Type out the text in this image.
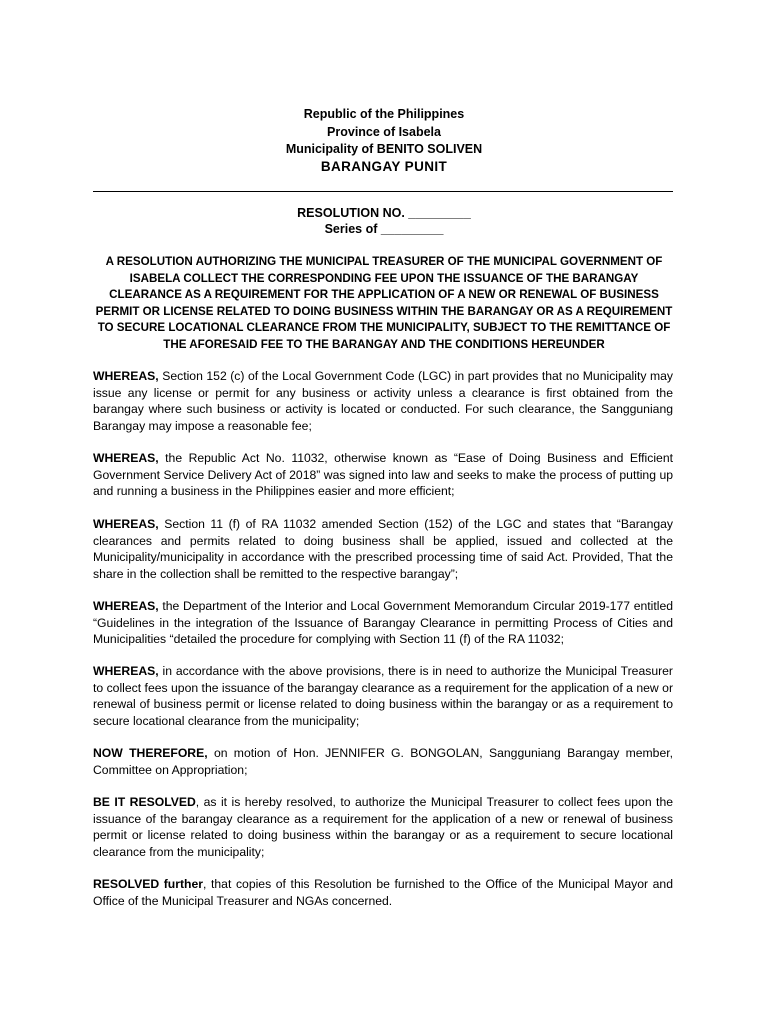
Republic of the Philippines
Province of Isabela
Municipality of BENITO SOLIVEN
BARANGAY PUNIT
RESOLUTION NO. _________
Series of _________
A RESOLUTION AUTHORIZING THE MUNICIPAL TREASURER OF THE MUNICIPAL GOVERNMENT OF ISABELA COLLECT THE CORRESPONDING FEE UPON THE ISSUANCE OF THE BARANGAY CLEARANCE AS A REQUIREMENT FOR THE APPLICATION OF A NEW OR RENEWAL OF BUSINESS PERMIT OR LICENSE RELATED TO DOING BUSINESS WITHIN THE BARANGAY OR AS A REQUIREMENT TO SECURE LOCATIONAL CLEARANCE FROM THE MUNICIPALITY, SUBJECT TO THE REMITTANCE OF THE AFORESAID FEE TO THE BARANGAY AND THE CONDITIONS HEREUNDER
WHEREAS, Section 152 (c) of the Local Government Code (LGC) in part provides that no Municipality may issue any license or permit for any business or activity unless a clearance is first obtained from the barangay where such business or activity is located or conducted. For such clearance, the Sangguniang Barangay may impose a reasonable fee;
WHEREAS, the Republic Act No. 11032, otherwise known as “Ease of Doing Business and Efficient Government Service Delivery Act of 2018” was signed into law and seeks to make the process of putting up and running a business in the Philippines easier and more efficient;
WHEREAS, Section 11 (f) of RA 11032 amended Section (152) of the LGC and states that “Barangay clearances and permits related to doing business shall be applied, issued and collected at the Municipality/municipality in accordance with the prescribed processing time of said Act. Provided, That the share in the collection shall be remitted to the respective barangay”;
WHEREAS, the Department of the Interior and Local Government Memorandum Circular 2019-177 entitled “Guidelines in the integration of the Issuance of Barangay Clearance in permitting Process of Cities and Municipalities “detailed the procedure for complying with Section 11 (f) of the RA 11032;
WHEREAS, in accordance with the above provisions, there is in need to authorize the Municipal Treasurer to collect fees upon the issuance of the barangay clearance as a requirement for the application of a new or renewal of business permit or license related to doing business within the barangay or as a requirement to secure locational clearance from the municipality;
NOW THEREFORE, on motion of Hon. JENNIFER G. BONGOLAN, Sangguniang Barangay member, Committee on Appropriation;
BE IT RESOLVED, as it is hereby resolved, to authorize the Municipal Treasurer to collect fees upon the issuance of the barangay clearance as a requirement for the application of a new or renewal of business permit or license related to doing business within the barangay or as a requirement to secure locational clearance from the municipality;
RESOLVED further, that copies of this Resolution be furnished to the Office of the Municipal Mayor and Office of the Municipal Treasurer and NGAs concerned.
